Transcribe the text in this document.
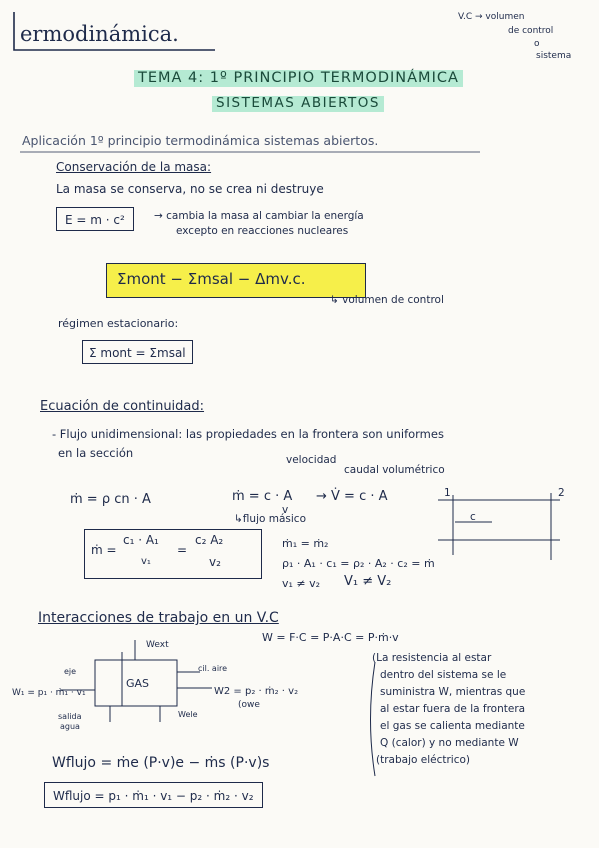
ermodinámica.
V.C → volumen
de control
o
sistema
TEMA 4: 1º PRINCIPIO TERMODINÁMICA
SISTEMAS ABIERTOS
Aplicación 1º principio termodinámica sistemas abiertos.
Conservación de la masa:
La masa se conserva, no se crea ni destruye
E = m · c²	→ cambia la masa al cambiar la energía
excepto en reacciones nucleares
Σmont − Σmsal − Δmv.c.
↳ volumen de control
régimen estacionario:
Σ mont = Σmsal
Ecuación de continuidad:
- Flujo unidimensional: las propiedades en la frontera son uniformes
en la sección	velocidad
caudal volumétrico
ṁ = ρ cn · A	ṁ = c · A
v
→ V̇ = c · A
↳flujo másico
1	2
c
ṁ =
c₁ · A₁
v₁
=
c₂ A₂
v₂
ṁ₁ = ṁ₂
ρ₁ · A₁ · c₁ = ρ₂ · A₂ · c₂ = ṁ
v₁ ≠ v₂ V₁ ≠ V₂
Interacciones de trabajo en un V.C
W = F·C = P·A·C = P·ṁ·v
(La resistencia al estar
dentro del sistema se le
suministra W, mientras que
al estar fuera de la frontera
el gas se calienta mediante
Q (calor) y no mediante W
(trabajo eléctrico)
GAS
W₁ = p₁ · ṁ₁ · v₁	W2 = p₂ · ṁ₂ · v₂
Wext
eje	cil. aire
salida
agua
Wele
(owe
Wflujo = ṁe (P·v)e − ṁs (P·v)s
Wflujo = p₁ · ṁ₁ · v₁ − p₂ · ṁ₂ · v₂
